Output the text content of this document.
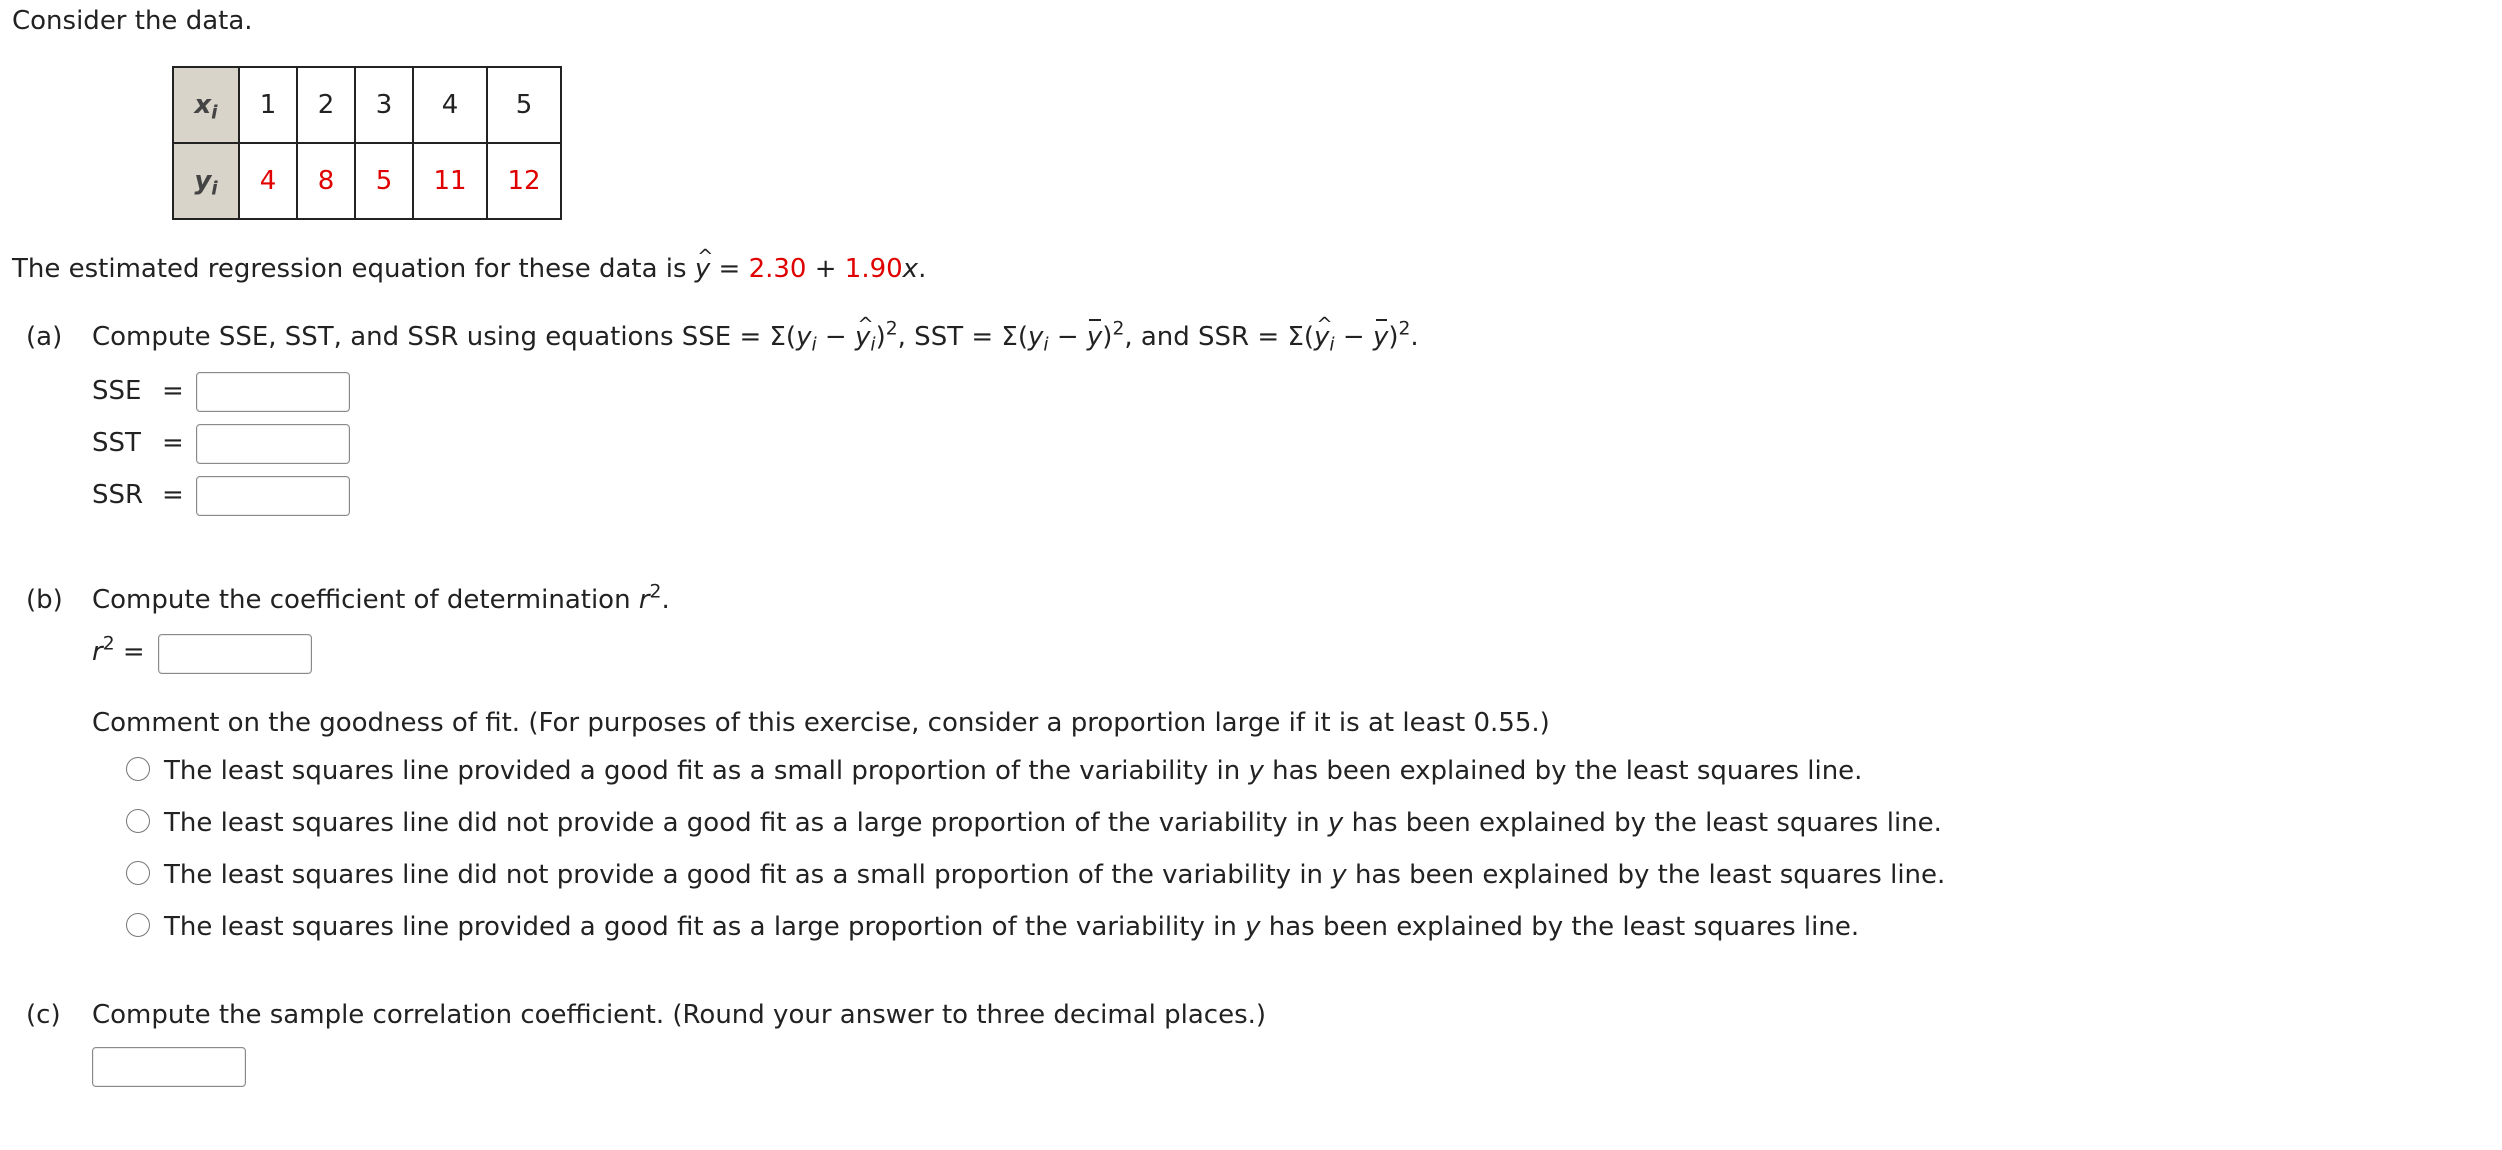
Consider the data.
$x_i$	1	2	3	4	5
$y_i$	4	8	5	11	12
The estimated regression equation for these data is ^ y = 2.30 + 1.90x.
(a) Compute SSE, SST, and SSR using equations SSE = $\Sigma(y_i$ − ^ $y_i)^2$, SST = $\Sigma(y_i - y)^2$, and SSR = Σ(^ $y_i - y)^2$.
SSE =
SST =
SSR =
(b) Compute the coefficient of determination $r^2$.
$r^2$ =
Comment on the goodness of fit. (For purposes of this exercise, consider a proportion large if it is at least 0.55.)
The least squares line provided a good fit as a small proportion of the variability in y has been explained by the least squares line.
The least squares line did not provide a good fit as a large proportion of the variability in y has been explained by the least squares line.
The least squares line did not provide a good fit as a small proportion of the variability in y has been explained by the least squares line.
The least squares line provided a good fit as a large proportion of the variability in y has been explained by the least squares line.
(c) Compute the sample correlation coefficient. (Round your answer to three decimal places.)
